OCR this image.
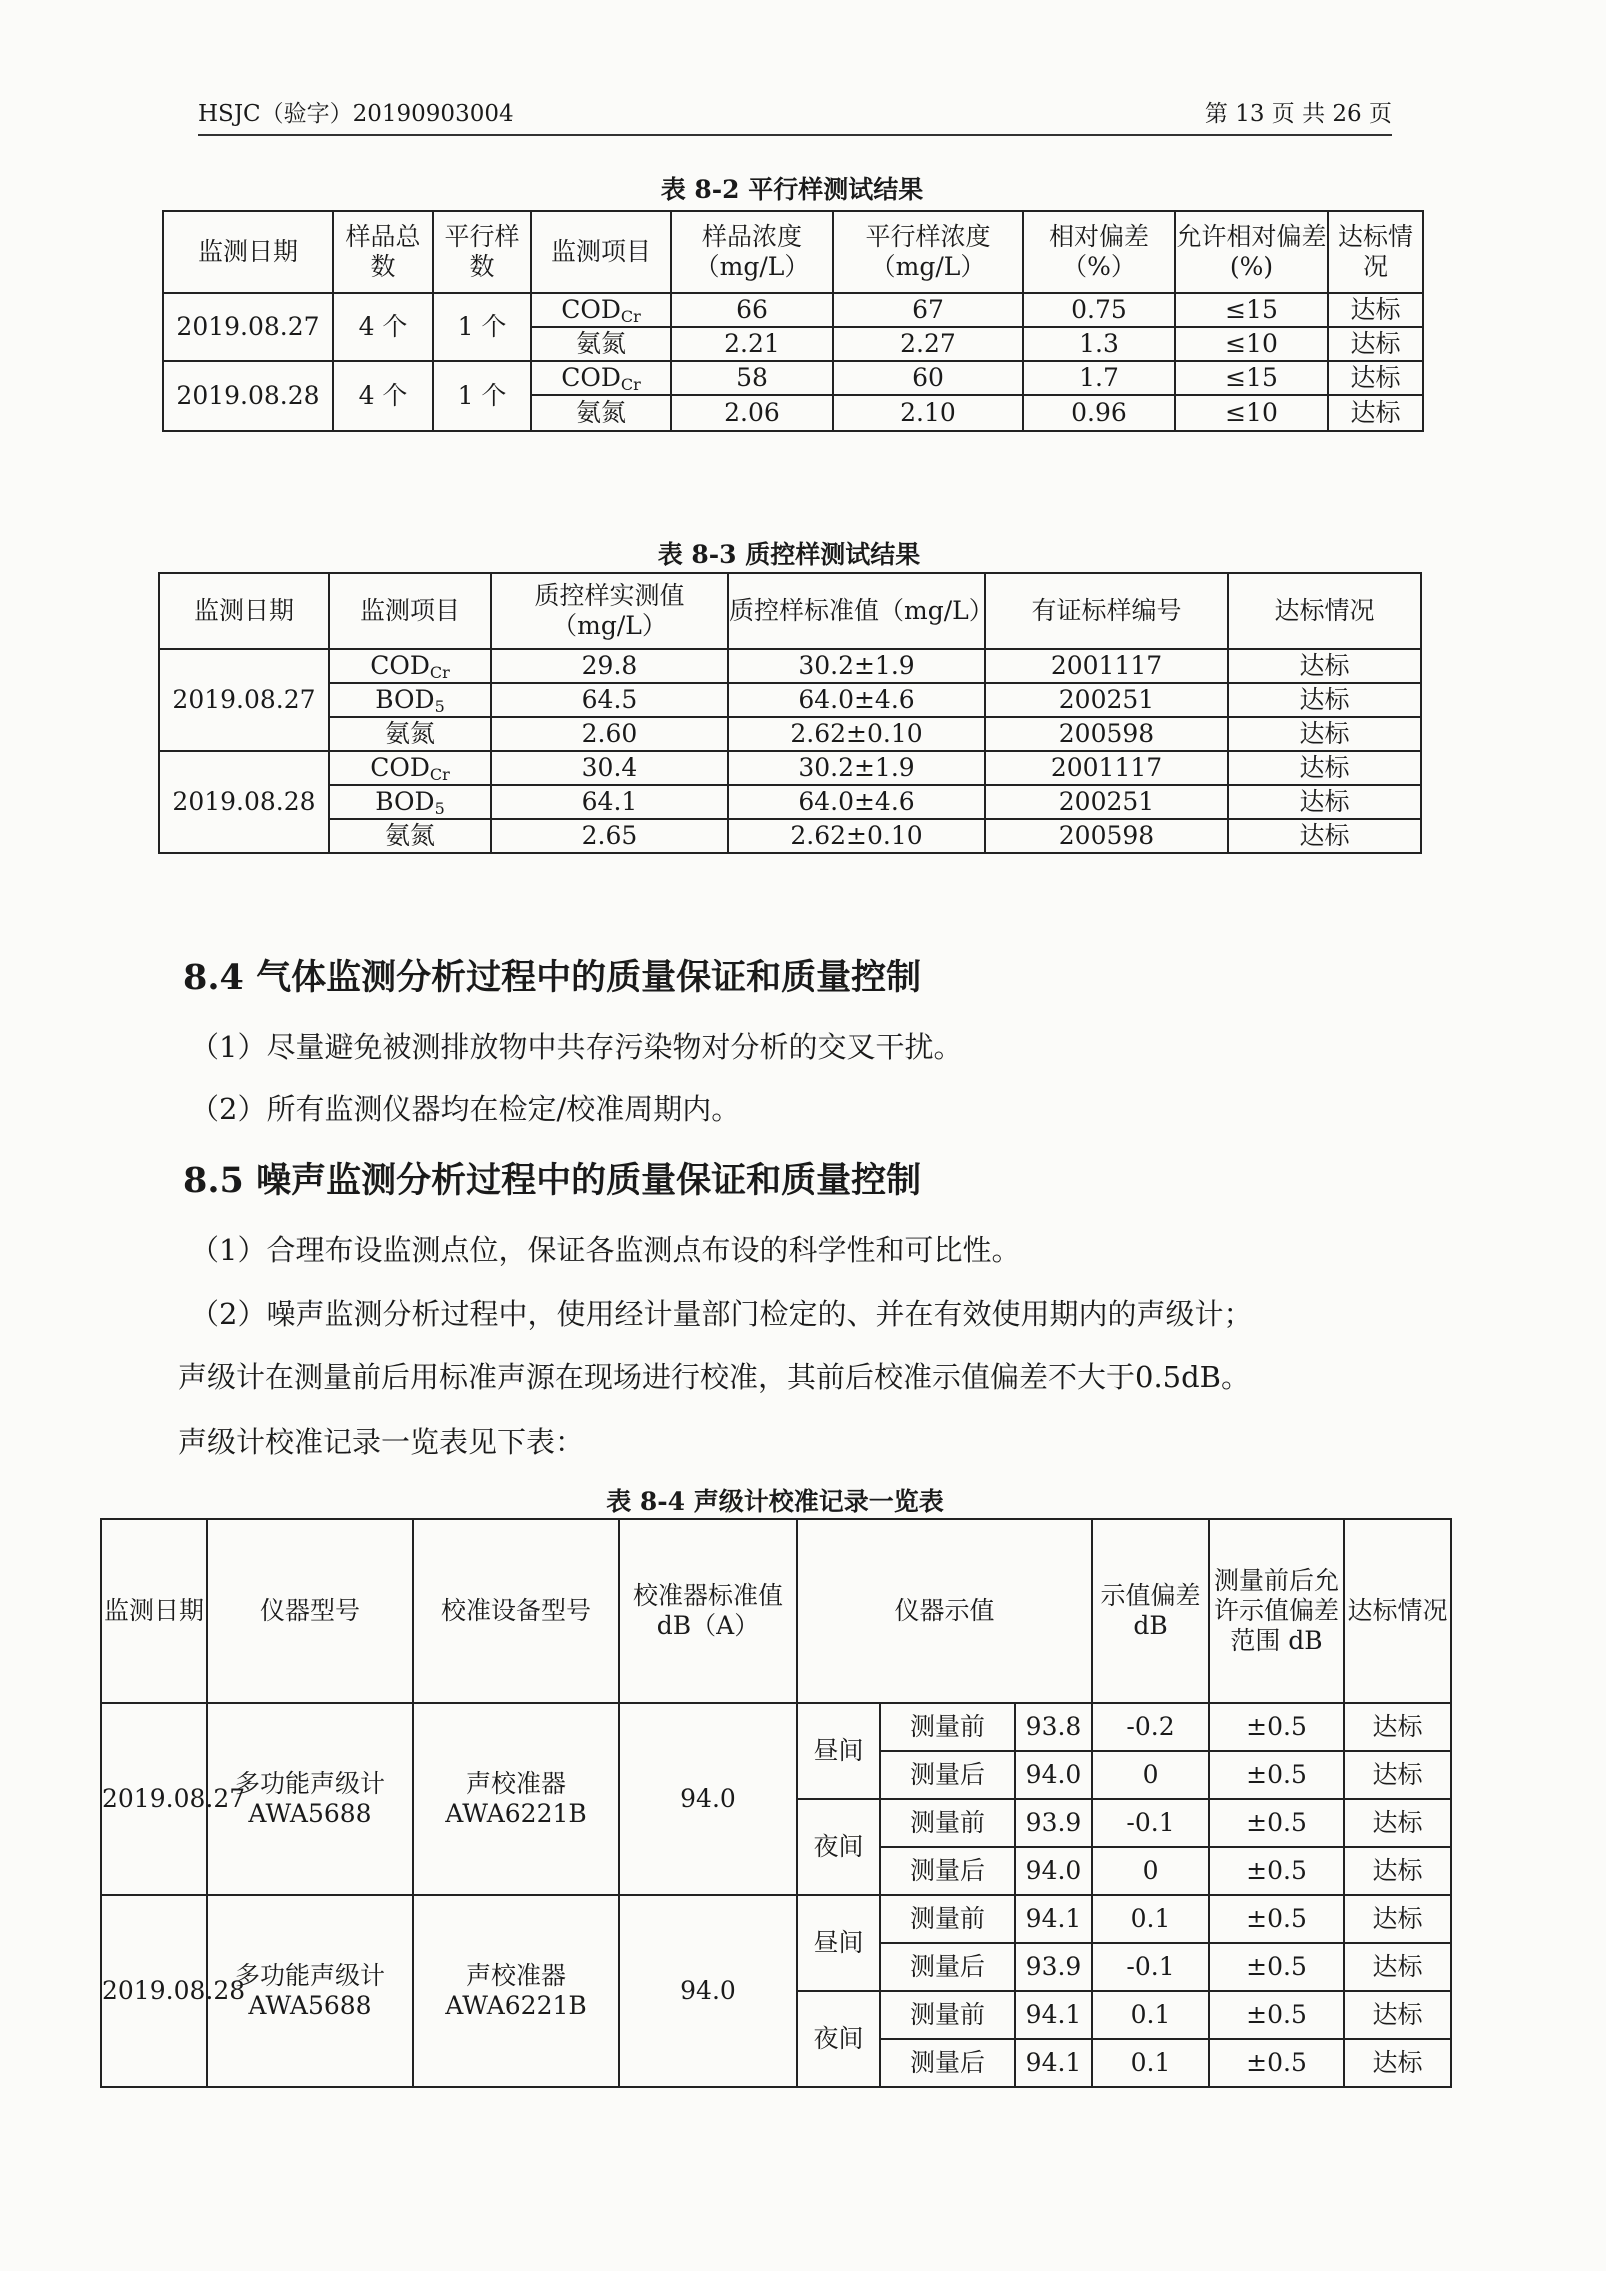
HSJC（验字）20190903004	第 13 页 共 26 页
表 8-2 平行样测试结果
监测日期	样品总数	平行样数	监测项目	样品浓度（mg/L）	平行样浓度（mg/L）	相对偏差（%）	允许相对偏差(%)	达标情况
2019.08.27	4 个	1 个	$COD_{Cr}$	66	67	0.75	≤15	达标
			氨氮	2.21	2.27	1.3	≤10	达标
2019.08.28	4 个	1 个	$COD_{Cr}$	58	60	1.7	≤15	达标
			氨氮	2.06	2.10	0.96	≤10	达标
表 8-3 质控样测试结果
监测日期	监测项目	质控样实测值（mg/L）	质控样标准值（mg/L）	有证标样编号	达标情况
2019.08.27	$COD_{Cr}$	29.8	30.2±1.9	2001117	达标
	$BOD_5$	64.5	64.0±4.6	200251	达标
	氨氮	2.60	2.62±0.10	200598	达标
2019.08.28	$COD_{Cr}$	30.4	30.2±1.9	2001117	达标
	$BOD_5$	64.1	64.0±4.6	200251	达标
	氨氮	2.65	2.62±0.10	200598	达标
8.4 气体监测分析过程中的质量保证和质量控制
（1）尽量避免被测排放物中共存污染物对分析的交叉干扰。
（2）所有监测仪器均在检定/校准周期内。
8.5 噪声监测分析过程中的质量保证和质量控制
（1）合理布设监测点位，保证各监测点布设的科学性和可比性。
（2）噪声监测分析过程中，使用经计量部门检定的、并在有效使用期内的声级计；
声级计在测量前后用标准声源在现场进行校准，其前后校准示值偏差不大于0.5dB。
声级计校准记录一览表见下表：
表 8-4 声级计校准记录一览表
监测日期	仪器型号	校准设备型号	校准器标准值 dB（A）	仪器示值			示值偏差 dB	测量前后允许示值偏差范围 dB	达标情况
2019.08.27	多功能声级计 AWA5688	声校准器 AWA6221B	94.0	昼间	测量前	93.8	-0.2	±0.5	达标
					测量后	94.0	0	±0.5	达标
				夜间	测量前	93.9	-0.1	±0.5	达标
					测量后	94.0	0	±0.5	达标
2019.08.28	多功能声级计 AWA5688	声校准器 AWA6221B	94.0	昼间	测量前	94.1	0.1	±0.5	达标
					测量后	93.9	-0.1	±0.5	达标
				夜间	测量前	94.1	0.1	±0.5	达标
					测量后	94.1	0.1	±0.5	达标
